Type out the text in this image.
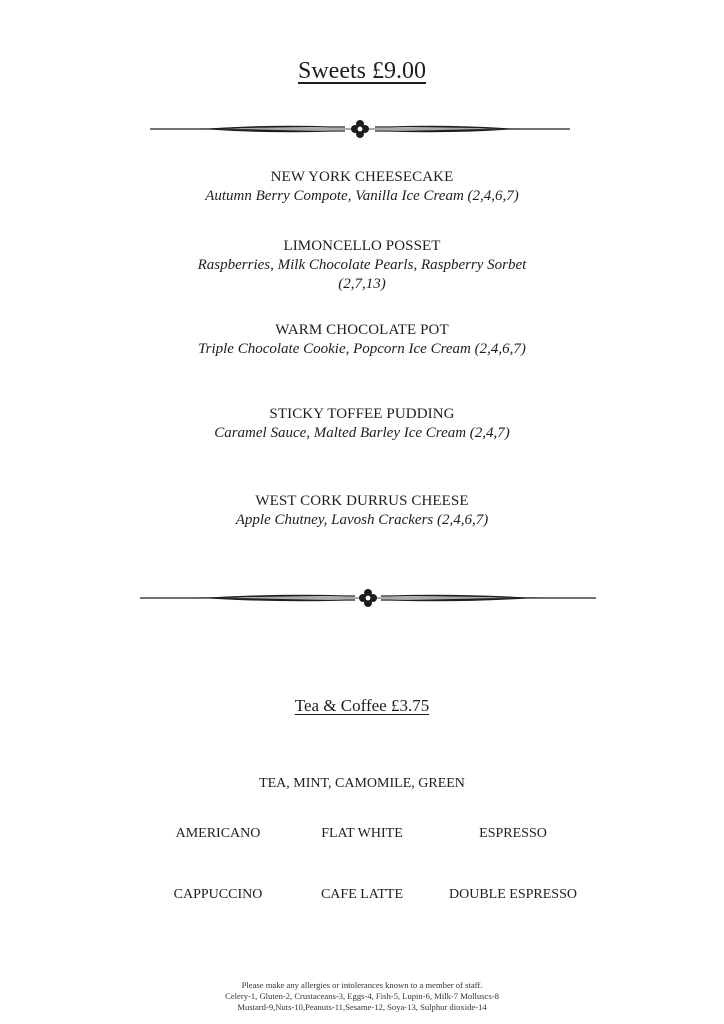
Sweets £9.00
NEW YORK CHEESECAKE
Autumn Berry Compote, Vanilla Ice Cream (2,4,6,7)
LIMONCELLO POSSET
Raspberries, Milk Chocolate Pearls, Raspberry Sorbet
(2,7,13)
WARM CHOCOLATE POT
Triple Chocolate Cookie, Popcorn Ice Cream (2,4,6,7)
STICKY TOFFEE PUDDING
Caramel Sauce, Malted Barley Ice Cream (2,4,7)
WEST CORK DURRUS CHEESE
Apple Chutney, Lavosh Crackers (2,4,6,7)
Tea & Coffee £3.75
TEA, MINT, CAMOMILE, GREEN
AMERICANO	FLAT WHITE	ESPRESSO
CAPPUCCINO	CAFE LATTE	DOUBLE ESPRESSO
Please make any allergies or intolerances known to a member of staff.
Celery-1, Gluten-2, Crustaceans-3, Eggs-4, Fish-5, Lupin-6, Milk-7 Molluscs-8
Mustard-9,Nuts-10,Peanuts-11,Sesame-12, Soya-13, Sulphur dioxide-14
